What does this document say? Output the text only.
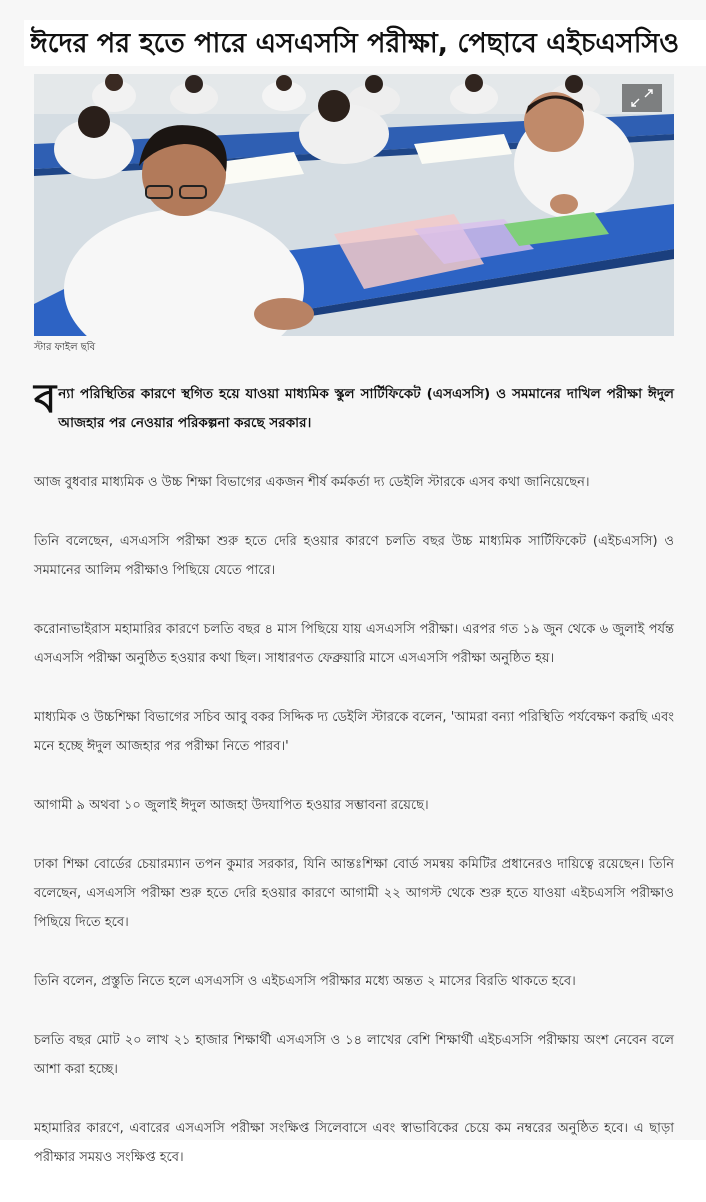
ঈদের পর হতে পারে এসএসসি পরীক্ষা, পেছাবে এইচএসসিও

স্টার ফাইল ছবি

বন্যা পরিস্থিতির কারণে স্থগিত হয়ে যাওয়া মাধ্যমিক স্কুল সার্টিফিকেট (এসএসসি) ও সমমানের দাখিল পরীক্ষা ঈদুল আজহার পর নেওয়ার পরিকল্পনা করছে সরকার।

আজ বুধবার মাধ্যমিক ও উচ্চ শিক্ষা বিভাগের একজন শীর্ষ কর্মকর্তা দ্য ডেইলি স্টারকে এসব কথা জানিয়েছেন।

তিনি বলেছেন, এসএসসি পরীক্ষা শুরু হতে দেরি হওয়ার কারণে চলতি বছর উচ্চ মাধ্যমিক সার্টিফিকেট (এইচএসসি) ও সমমানের আলিম পরীক্ষাও পিছিয়ে যেতে পারে।

করোনাভাইরাস মহামারির কারণে চলতি বছর ৪ মাস পিছিয়ে যায় এসএসসি পরীক্ষা। এরপর গত ১৯ জুন থেকে ৬ জুলাই পর্যন্ত এসএসসি পরীক্ষা অনুষ্ঠিত হওয়ার কথা ছিল। সাধারণত ফেব্রুয়ারি মাসে এসএসসি পরীক্ষা অনুষ্ঠিত হয়।

মাধ্যমিক ও উচ্চশিক্ষা বিভাগের সচিব আবু বকর সিদ্দিক দ্য ডেইলি স্টারকে বলেন, 'আমরা বন্যা পরিস্থিতি পর্যবেক্ষণ করছি এবং মনে হচ্ছে ঈদুল আজহার পর পরীক্ষা নিতে পারব।'

আগামী ৯ অথবা ১০ জুলাই ঈদুল আজহা উদযাপিত হওয়ার সম্ভাবনা রয়েছে।

ঢাকা শিক্ষা বোর্ডের চেয়ারম্যান তপন কুমার সরকার, যিনি আন্তঃশিক্ষা বোর্ড সমন্বয় কমিটির প্রধানেরও দায়িত্বে রয়েছেন। তিনি বলেছেন, এসএসসি পরীক্ষা শুরু হতে দেরি হওয়ার কারণে আগামী ২২ আগস্ট থেকে শুরু হতে যাওয়া এইচএসসি পরীক্ষাও পিছিয়ে দিতে হবে।

তিনি বলেন, প্রস্তুতি নিতে হলে এসএসসি ও এইচএসসি পরীক্ষার মধ্যে অন্তত ২ মাসের বিরতি থাকতে হবে।

চলতি বছর মোট ২০ লাখ ২১ হাজার শিক্ষার্থী এসএসসি ও ১৪ লাখের বেশি শিক্ষার্থী এইচএসসি পরীক্ষায় অংশ নেবেন বলে আশা করা হচ্ছে।

মহামারির কারণে, এবারের এসএসসি পরীক্ষা সংক্ষিপ্ত সিলেবাসে এবং স্বাভাবিকের চেয়ে কম নম্বরের অনুষ্ঠিত হবে। এ ছাড়া পরীক্ষার সময়ও সংক্ষিপ্ত হবে।
